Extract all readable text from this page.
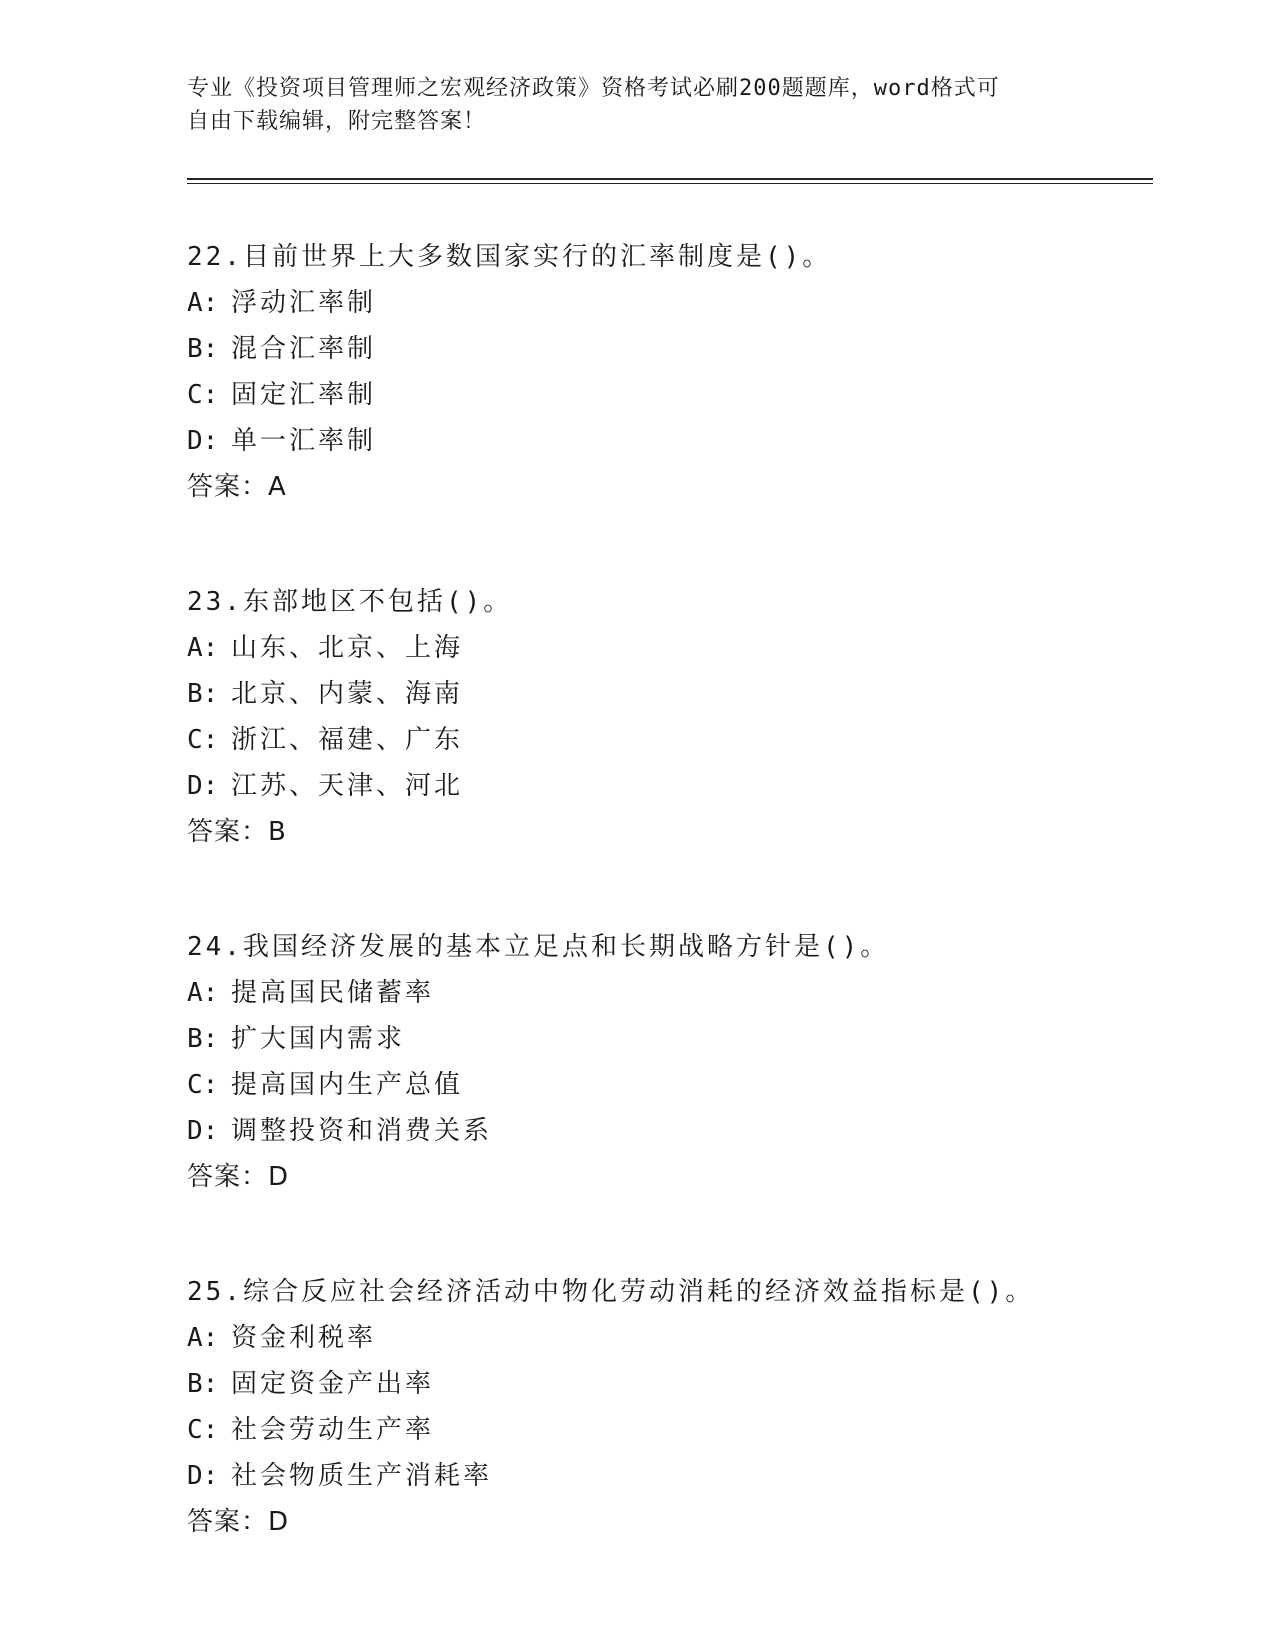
专业《投资项目管理师之宏观经济政策》资格考试必刷200题题库，word格式可
自由下载编辑，附完整答案！
22.目前世界上大多数国家实行的汇率制度是()。
A: 浮动汇率制
B: 混合汇率制
C: 固定汇率制
D: 单一汇率制
答案：A
23.东部地区不包括()。
A: 山东、北京、上海
B: 北京、内蒙、海南
C: 浙江、福建、广东
D: 江苏、天津、河北
答案：B
24.我国经济发展的基本立足点和长期战略方针是()。
A: 提高国民储蓄率
B: 扩大国内需求
C: 提高国内生产总值
D: 调整投资和消费关系
答案：D
25.综合反应社会经济活动中物化劳动消耗的经济效益指标是()。
A: 资金利税率
B: 固定资金产出率
C: 社会劳动生产率
D: 社会物质生产消耗率
答案：D
